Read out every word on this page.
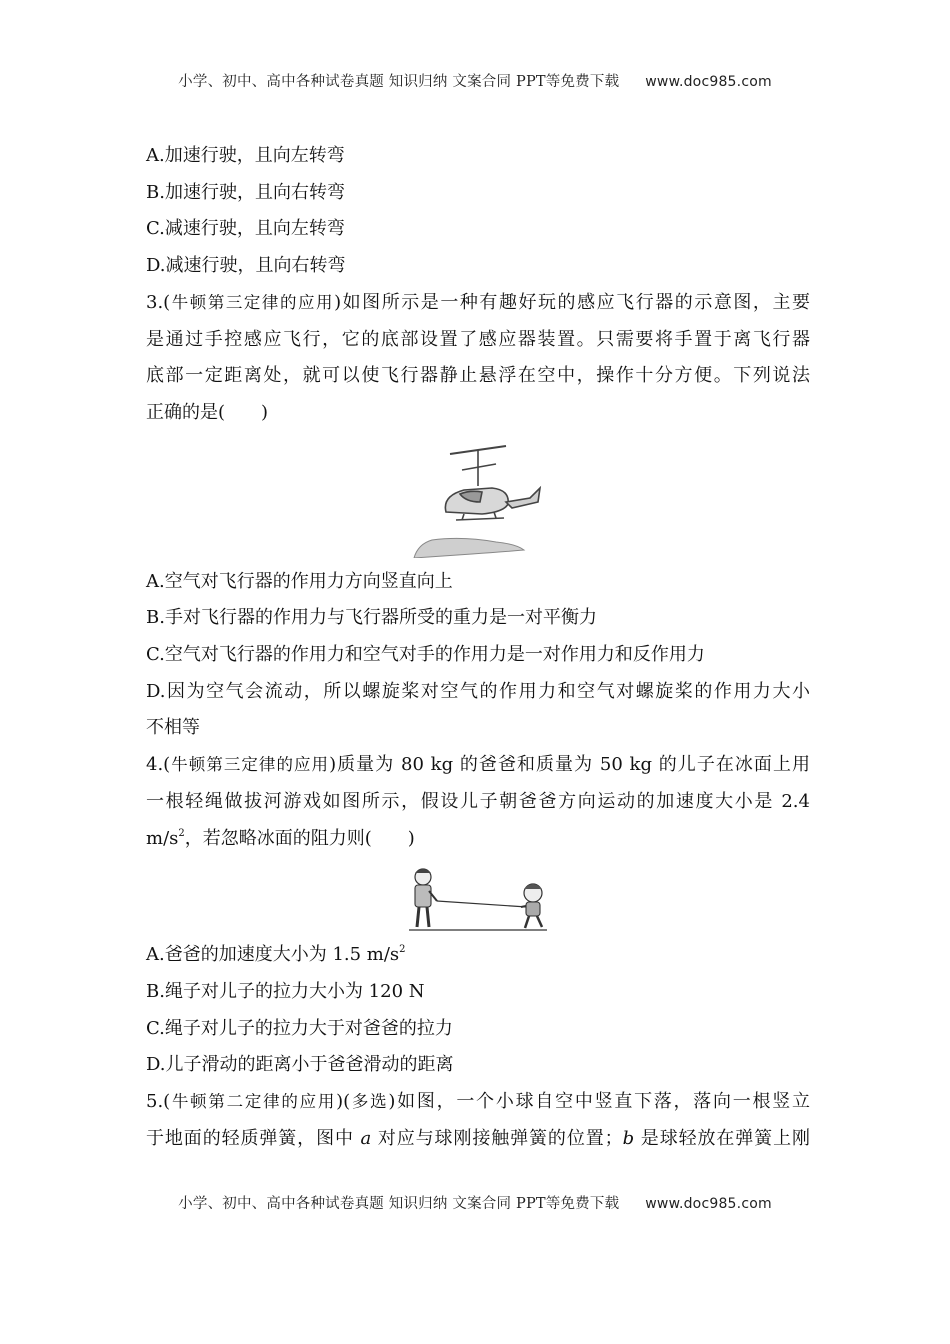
小学、初中、高中各种试卷真题 知识归纳 文案合同 PPT等免费下载 www.doc985.com
A.加速行驶，且向左转弯
B.加速行驶，且向右转弯
C.减速行驶，且向左转弯
D.减速行驶，且向右转弯
3.(牛顿第三定律的应用)如图所示是一种有趣好玩的感应飞行器的示意图，主要
是通过手控感应飞行，它的底部设置了感应器装置。只需要将手置于离飞行器
底部一定距离处，就可以使飞行器静止悬浮在空中，操作十分方便。下列说法
正确的是(　　)
A.空气对飞行器的作用力方向竖直向上
B.手对飞行器的作用力与飞行器所受的重力是一对平衡力
C.空气对飞行器的作用力和空气对手的作用力是一对作用力和反作用力
D.因为空气会流动，所以螺旋桨对空气的作用力和空气对螺旋桨的作用力大小
不相等
4.(牛顿第三定律的应用)质量为 80 kg 的爸爸和质量为 50 kg 的儿子在冰面上用
一根轻绳做拔河游戏如图所示，假设儿子朝爸爸方向运动的加速度大小是 2.4
$m/s^2$，若忽略冰面的阻力则(　　)
A.爸爸的加速度大小为 1.5 $m/s^2$
B.绳子对儿子的拉力大小为 120 N
C.绳子对儿子的拉力大于对爸爸的拉力
D.儿子滑动的距离小于爸爸滑动的距离
5.(牛顿第二定律的应用)(多选)如图，一个小球自空中竖直下落，落向一根竖立
于地面的轻质弹簧，图中 a 对应与球刚接触弹簧的位置；b 是球轻放在弹簧上刚
小学、初中、高中各种试卷真题 知识归纳 文案合同 PPT等免费下载 www.doc985.com
